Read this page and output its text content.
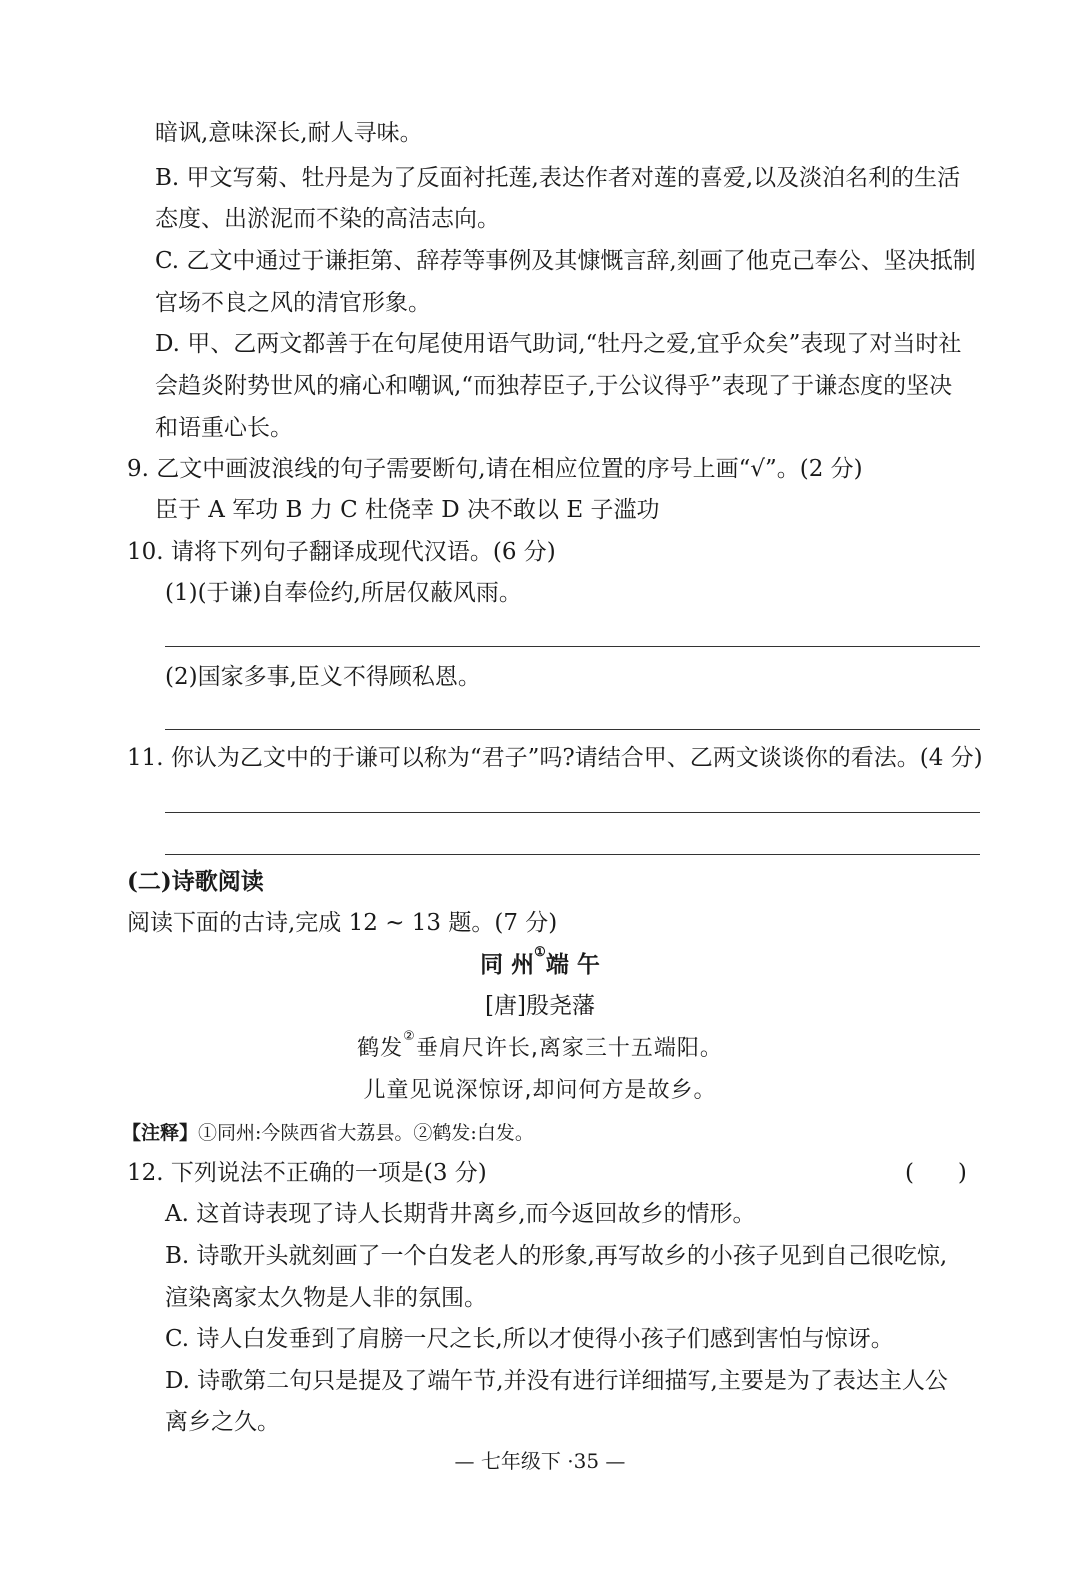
暗讽,意味深长,耐人寻味。
B. 甲文写菊、牡丹是为了反面衬托莲,表达作者对莲的喜爱,以及淡泊名利的生活
态度、出淤泥而不染的高洁志向。
C. 乙文中通过于谦拒第、辞荐等事例及其慷慨言辞,刻画了他克己奉公、坚决抵制
官场不良之风的清官形象。
D. 甲、乙两文都善于在句尾使用语气助词,“牡丹之爱,宜乎众矣”表现了对当时社
会趋炎附势世风的痛心和嘲讽,“而独荐臣子,于公议得乎”表现了于谦态度的坚决
和语重心长。
9. 乙文中画波浪线的句子需要断句,请在相应位置的序号上画“√”。(2 分)
臣于 A 军功 B 力 C 杜侥幸 D 决不敢以 E 子滥功
10. 请将下列句子翻译成现代汉语。(6 分)
(1)(于谦)自奉俭约,所居仅蔽风雨。
(2)国家多事,臣义不得顾私恩。
11. 你认为乙文中的于谦可以称为“君子”吗?请结合甲、乙两文谈谈你的看法。(4 分)
(二)诗歌阅读
阅读下面的古诗,完成 12 ~ 13 题。(7 分)
同 州①端 午
[唐]殷尧藩
鹤发②垂肩尺许长,离家三十五端阳。
儿童见说深惊讶,却问何方是故乡。
【注释】①同州:今陕西省大荔县。②鹤发:白发。
12. 下列说法不正确的一项是(3 分)	(      )
A. 这首诗表现了诗人长期背井离乡,而今返回故乡的情形。
B. 诗歌开头就刻画了一个白发老人的形象,再写故乡的小孩子见到自己很吃惊,
渲染离家太久物是人非的氛围。
C. 诗人白发垂到了肩膀一尺之长,所以才使得小孩子们感到害怕与惊讶。
D. 诗歌第二句只是提及了端午节,并没有进行详细描写,主要是为了表达主人公
离乡之久。
— 七年级下 ·35 —
